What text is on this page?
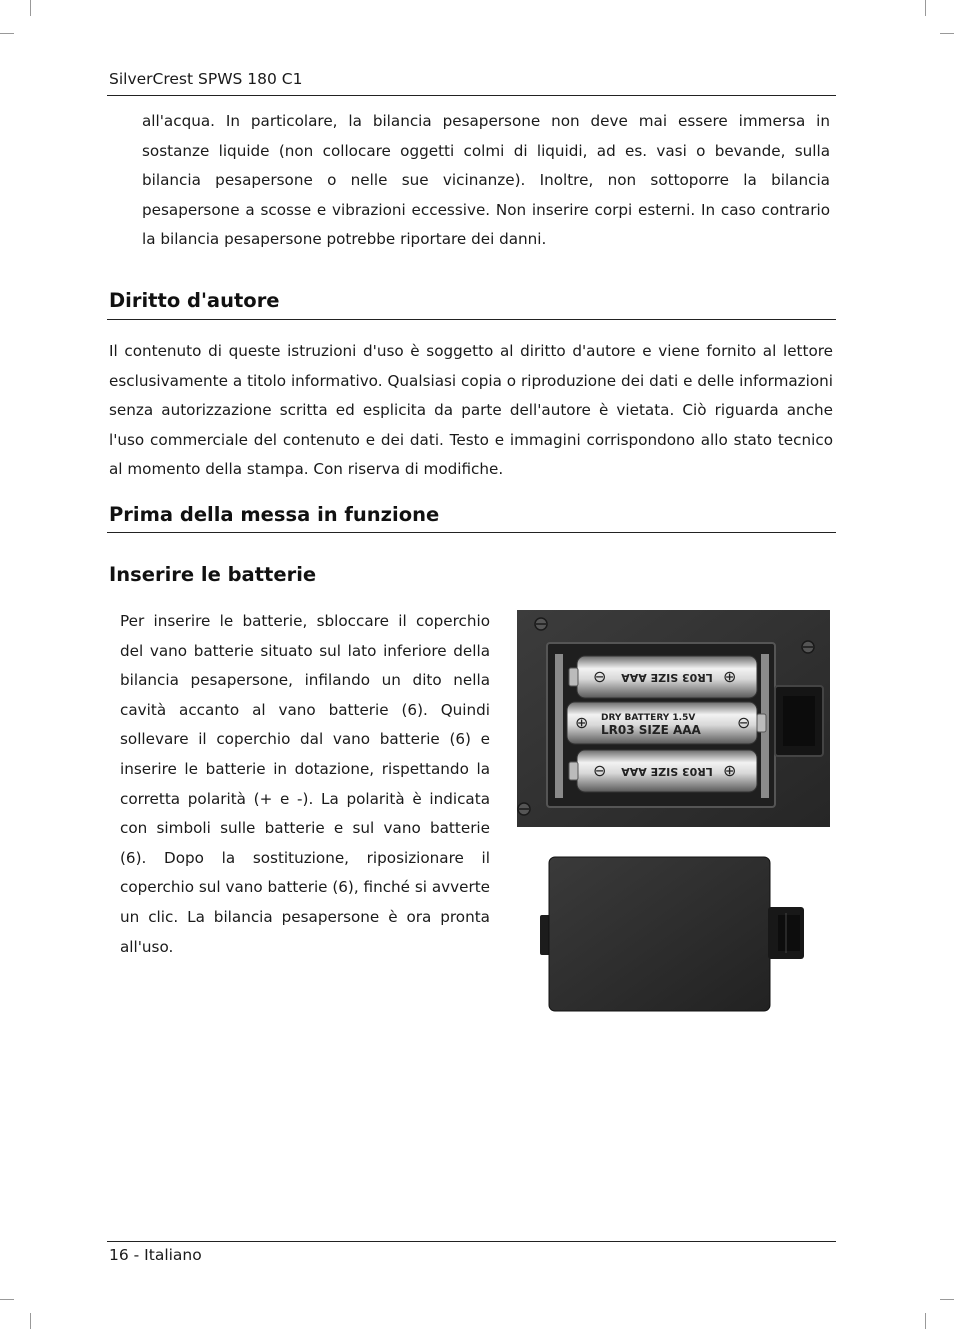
SilverCrest SPWS 180 C1

all'acqua. In particolare, la bilancia pesapersone non deve mai essere immersa in sostanze liquide (non collocare oggetti colmi di liquidi, ad es. vasi o bevande, sulla bilancia pesapersone o nelle sue vicinanze). Inoltre, non sottoporre la bilancia pesapersone a scosse e vibrazioni eccessive. Non inserire corpi esterni. In caso contrario la bilancia pesapersone potrebbe riportare dei danni.

Diritto d'autore

Il contenuto di queste istruzioni d'uso è soggetto al diritto d'autore e viene fornito al lettore esclusivamente a titolo informativo. Qualsiasi copia o riproduzione dei dati e delle informazioni senza autorizzazione scritta ed esplicita da parte dell'autore è vietata. Ciò riguarda anche l'uso commerciale del contenuto e dei dati. Testo e immagini corrispondono allo stato tecnico al momento della stampa. Con riserva di modifiche.

Prima della messa in funzione
Inserire le batterie

Per inserire le batterie, sbloccare il coperchio del vano batterie situato sul lato inferiore della bilancia pesapersone, infilando un dito nella cavità accanto al vano batterie (6). Quindi sollevare il coperchio dal vano batterie (6) e inserire le batterie in dotazione, rispettando la corretta polarità (+ e -). La polarità è indicata con simboli sulle batterie e sul vano batterie (6). Dopo la sostituzione, riposizionare il coperchio sul vano batterie (6), finché si avverte un clic. La bilancia pesapersone è ora pronta all'uso.

⊖	⊕
LR03 SIZE AAA
⊕	⊖
DRY BATTERY 1.5V
LR03 SIZE AAA
⊖	⊕
LR03 SIZE AAA
16 - Italiano
